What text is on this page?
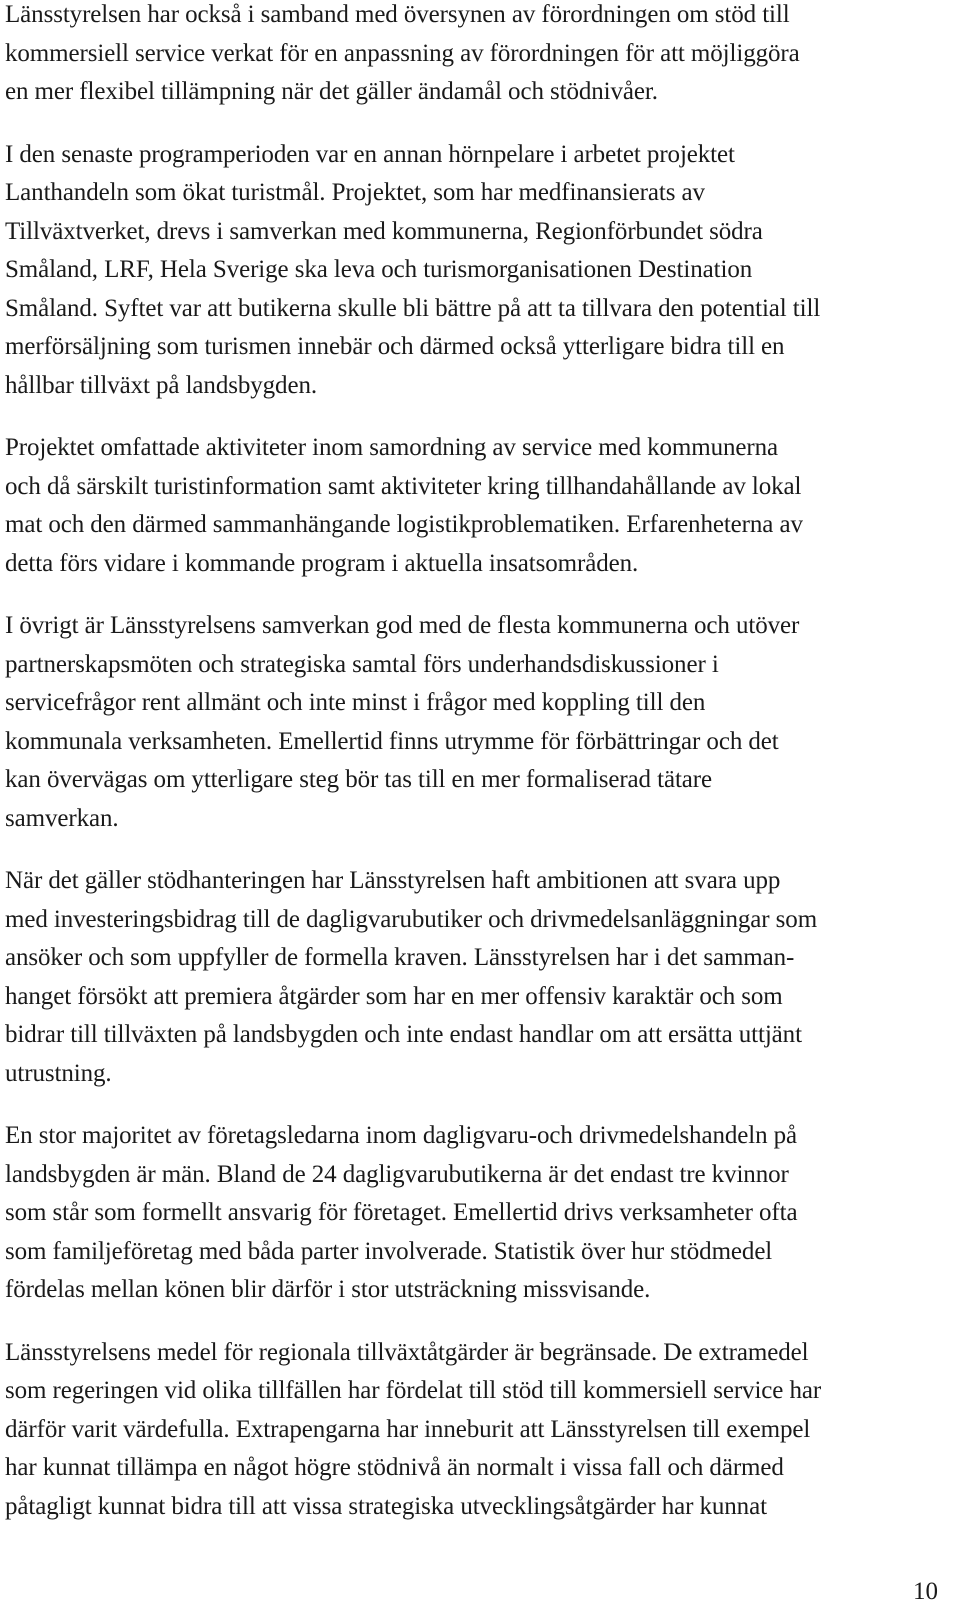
Länsstyrelsen har också i samband med översynen av förordningen om stöd till
kommersiell service verkat för en anpassning av förordningen för att möjliggöra
en mer flexibel tillämpning när det gäller ändamål och stödnivåer.

I den senaste programperioden var en annan hörnpelare i arbetet projektet
Lanthandeln som ökat turistmål. Projektet, som har medfinansierats av
Tillväxtverket, drevs i samverkan med kommunerna, Regionförbundet södra
Småland, LRF, Hela Sverige ska leva och turismorganisationen Destination
Småland. Syftet var att butikerna skulle bli bättre på att ta tillvara den potential till
merförsäljning som turismen innebär och därmed också ytterligare bidra till en
hållbar tillväxt på landsbygden.

Projektet omfattade aktiviteter inom samordning av service med kommunerna
och då särskilt turistinformation samt aktiviteter kring tillhandahållande av lokal
mat och den därmed sammanhängande logistikproblematiken. Erfarenheterna av
detta förs vidare i kommande program i aktuella insatsområden.

I övrigt är Länsstyrelsens samverkan god med de flesta kommunerna och utöver
partnerskapsmöten och strategiska samtal förs underhandsdiskussioner i
servicefrågor rent allmänt och inte minst i frågor med koppling till den
kommunala verksamheten. Emellertid finns utrymme för förbättringar och det
kan övervägas om ytterligare steg bör tas till en mer formaliserad tätare
samverkan.

När det gäller stödhanteringen har Länsstyrelsen haft ambitionen att svara upp
med investeringsbidrag till de dagligvarubutiker och drivmedelsanläggningar som
ansöker och som uppfyller de formella kraven. Länsstyrelsen har i det samman-
hanget försökt att premiera åtgärder som har en mer offensiv karaktär och som
bidrar till tillväxten på landsbygden och inte endast handlar om att ersätta uttjänt
utrustning.

En stor majoritet av företagsledarna inom dagligvaru-och drivmedelshandeln på
landsbygden är män. Bland de 24 dagligvarubutikerna är det endast tre kvinnor
som står som formellt ansvarig för företaget. Emellertid drivs verksamheter ofta
som familjeföretag med båda parter involverade. Statistik över hur stödmedel
fördelas mellan könen blir därför i stor utsträckning missvisande.

Länsstyrelsens medel för regionala tillväxtåtgärder är begränsade. De extramedel
som regeringen vid olika tillfällen har fördelat till stöd till kommersiell service har
därför varit värdefulla. Extrapengarna har inneburit att Länsstyrelsen till exempel
har kunnat tillämpa en något högre stödnivå än normalt i vissa fall och därmed
påtagligt kunnat bidra till att vissa strategiska utvecklingsåtgärder har kunnat

10
